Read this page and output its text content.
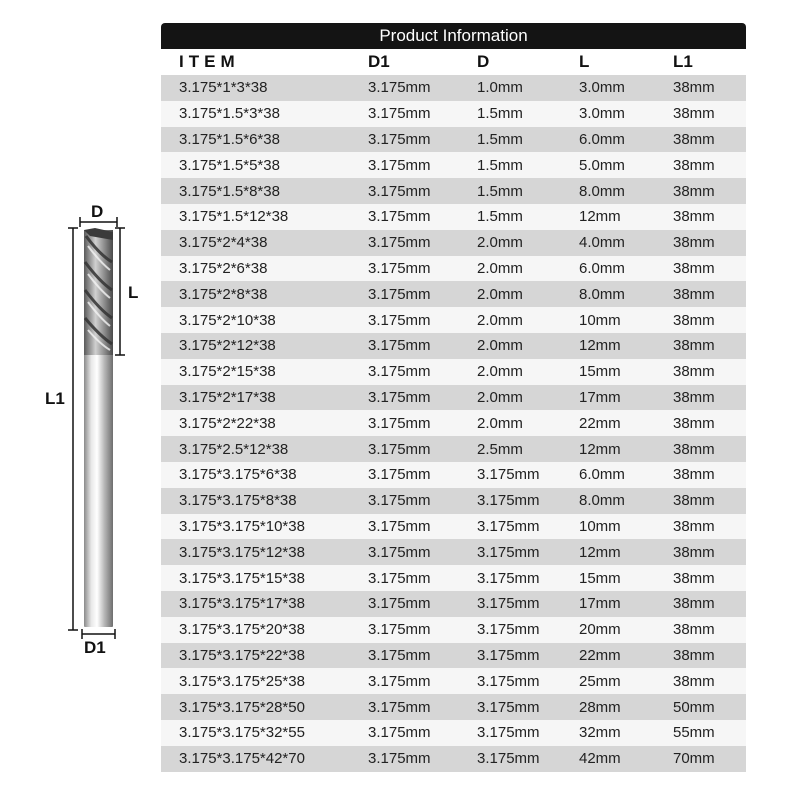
D
L
L1
D1
Product Information
ITEM	D1	D	L	L1
3.175*1*3*38	3.175mm	1.0mm	3.0mm	38mm
3.175*1.5*3*38	3.175mm	1.5mm	3.0mm	38mm
3.175*1.5*6*38	3.175mm	1.5mm	6.0mm	38mm
3.175*1.5*5*38	3.175mm	1.5mm	5.0mm	38mm
3.175*1.5*8*38	3.175mm	1.5mm	8.0mm	38mm
3.175*1.5*12*38	3.175mm	1.5mm	12mm	38mm
3.175*2*4*38	3.175mm	2.0mm	4.0mm	38mm
3.175*2*6*38	3.175mm	2.0mm	6.0mm	38mm
3.175*2*8*38	3.175mm	2.0mm	8.0mm	38mm
3.175*2*10*38	3.175mm	2.0mm	10mm	38mm
3.175*2*12*38	3.175mm	2.0mm	12mm	38mm
3.175*2*15*38	3.175mm	2.0mm	15mm	38mm
3.175*2*17*38	3.175mm	2.0mm	17mm	38mm
3.175*2*22*38	3.175mm	2.0mm	22mm	38mm
3.175*2.5*12*38	3.175mm	2.5mm	12mm	38mm
3.175*3.175*6*38	3.175mm	3.175mm	6.0mm	38mm
3.175*3.175*8*38	3.175mm	3.175mm	8.0mm	38mm
3.175*3.175*10*38	3.175mm	3.175mm	10mm	38mm
3.175*3.175*12*38	3.175mm	3.175mm	12mm	38mm
3.175*3.175*15*38	3.175mm	3.175mm	15mm	38mm
3.175*3.175*17*38	3.175mm	3.175mm	17mm	38mm
3.175*3.175*20*38	3.175mm	3.175mm	20mm	38mm
3.175*3.175*22*38	3.175mm	3.175mm	22mm	38mm
3.175*3.175*25*38	3.175mm	3.175mm	25mm	38mm
3.175*3.175*28*50	3.175mm	3.175mm	28mm	50mm
3.175*3.175*32*55	3.175mm	3.175mm	32mm	55mm
3.175*3.175*42*70	3.175mm	3.175mm	42mm	70mm
